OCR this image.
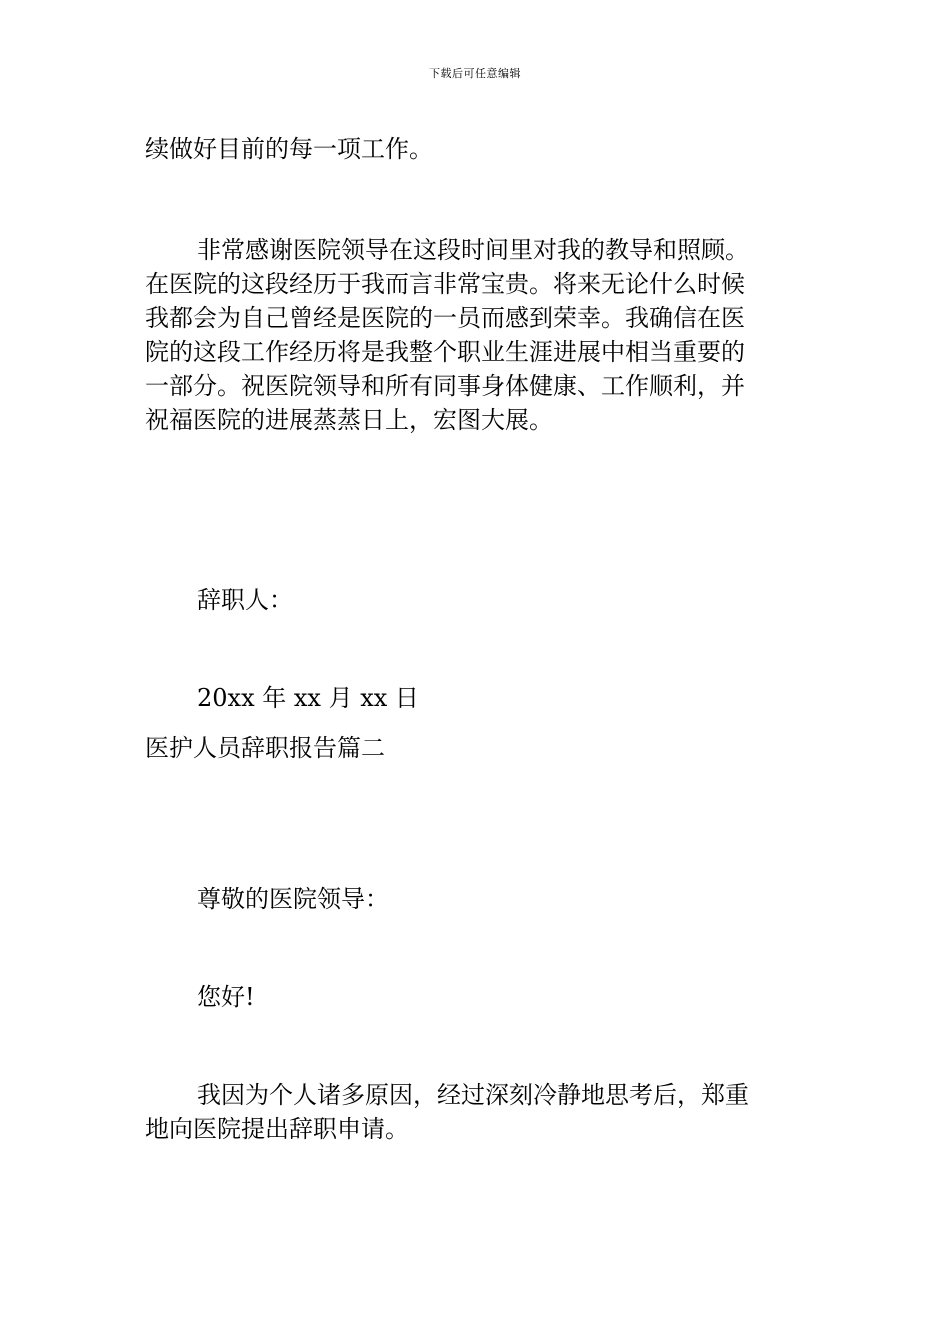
下载后可任意编辑

续做好目前的每一项工作。

非常感谢医院领导在这段时间里对我的教导和照顾。
在医院的这段经历于我而言非常宝贵。将来无论什么时候
我都会为自己曾经是医院的一员而感到荣幸。我确信在医
院的这段工作经历将是我整个职业生涯进展中相当重要的
一部分。祝医院领导和所有同事身体健康、工作顺利，并
祝福医院的进展蒸蒸日上，宏图大展。

辞职人：

20xx 年 xx 月 xx 日

医护人员辞职报告篇二

尊敬的医院领导：

您好!

我因为个人诸多原因，经过深刻冷静地思考后，郑重
地向医院提出辞职申请。
